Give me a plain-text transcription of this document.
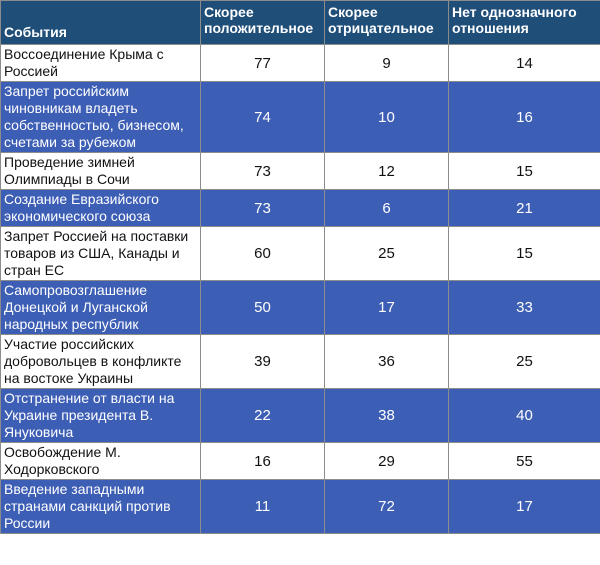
События	Скорее положительное	Скорее отрицательное	Нет однозначного отношения
Воссоединение Крыма с Россией	77	9	14
Запрет российским чиновникам владеть собственностью, бизнесом, счетами за рубежом	74	10	16
Проведение зимней Олимпиады в Сочи	73	12	15
Создание Евразийского экономического союза	73	6	21
Запрет Россией на поставки товаров из США, Канады и стран ЕС	60	25	15
Самопровозглашение Донецкой и Луганской народных республик	50	17	33
Участие российских добровольцев в конфликте на востоке Украины	39	36	25
Отстранение от власти на Украине президента В. Януковича	22	38	40
Освобождение М. Ходорковского	16	29	55
Введение западными странами санкций против России	11	72	17
